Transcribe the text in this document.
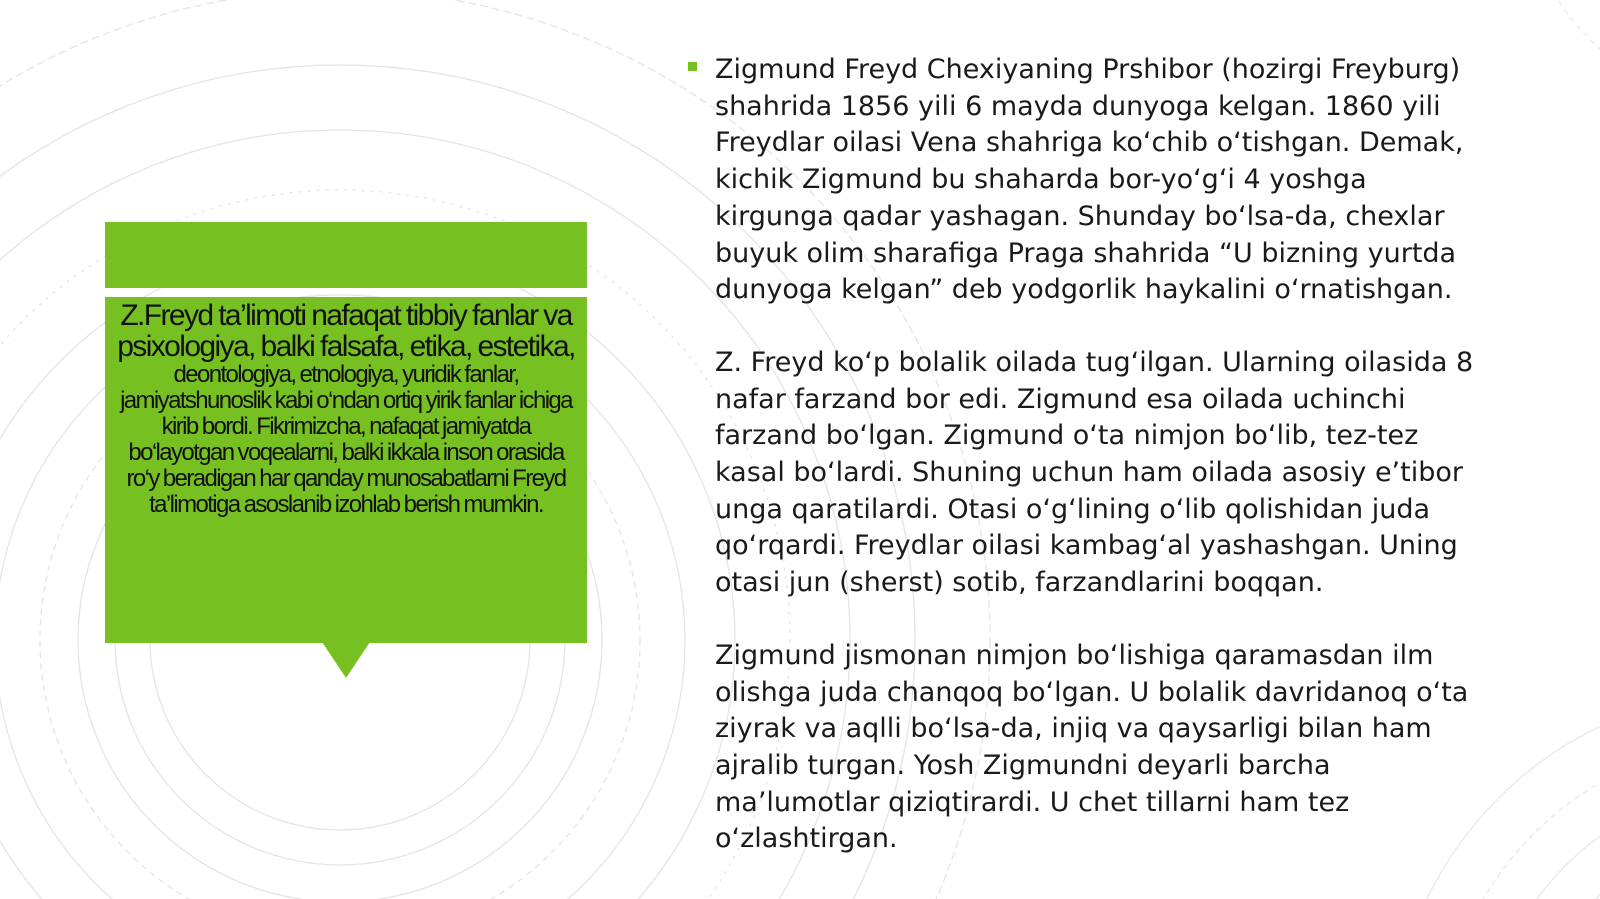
Z.Freyd ta’limoti nafaqat tibbiy fanlar va psixologiya, balki falsafa, etika, estetika, deontologiya, etnologiya, yuridik fanlar, jamiyatshunoslik kabi o‘ndan ortiq yirik fanlar ichiga kirib bordi. Fikrimizcha, nafaqat jamiyatda bo‘layotgan voqealarni, balki ikkala inson orasida ro‘y beradigan har qanday munosabatlarni Freyd ta’limotiga asoslanib izohlab berish mumkin.

Zigmund Freyd Chexiyaning Prshibor (hozirgi Freyburg) shahrida 1856 yili 6 mayda dunyoga kelgan. 1860 yili Freydlar oilasi Vena shahriga ko‘chib o‘tishgan. Demak, kichik Zigmund bu shaharda bor-yo‘g‘i 4 yoshga kirgunga qadar yashagan. Shunday bo‘lsa-da, chexlar buyuk olim sharafiga Praga shahrida “U bizning yurtda dunyoga kelgan” deb yodgorlik haykalini o‘rnatishgan.

Z. Freyd ko‘p bolalik oilada tug‘ilgan. Ularning oilasida 8 nafar farzand bor edi. Zigmund esa oilada uchinchi farzand bo‘lgan. Zigmund o‘ta nimjon bo‘lib, tez-tez kasal bo‘lardi. Shuning uchun ham oilada asosiy e’tibor unga qaratilardi. Otasi o‘g‘lining o‘lib qolishidan juda qo‘rqardi. Freydlar oilasi kambag‘al yashashgan. Uning otasi jun (sherst) sotib, farzandlarini boqqan.

Zigmund jismonan nimjon bo‘lishiga qaramasdan ilm olishga juda chanqoq bo‘lgan. U bolalik davridanoq o‘ta ziyrak va aqlli bo‘lsa-da, injiq va qaysarligi bilan ham ajralib turgan. Yosh Zigmundni deyarli barcha ma’lumotlar qiziqtirardi. U chet tillarni ham tez o‘zlashtirgan.
